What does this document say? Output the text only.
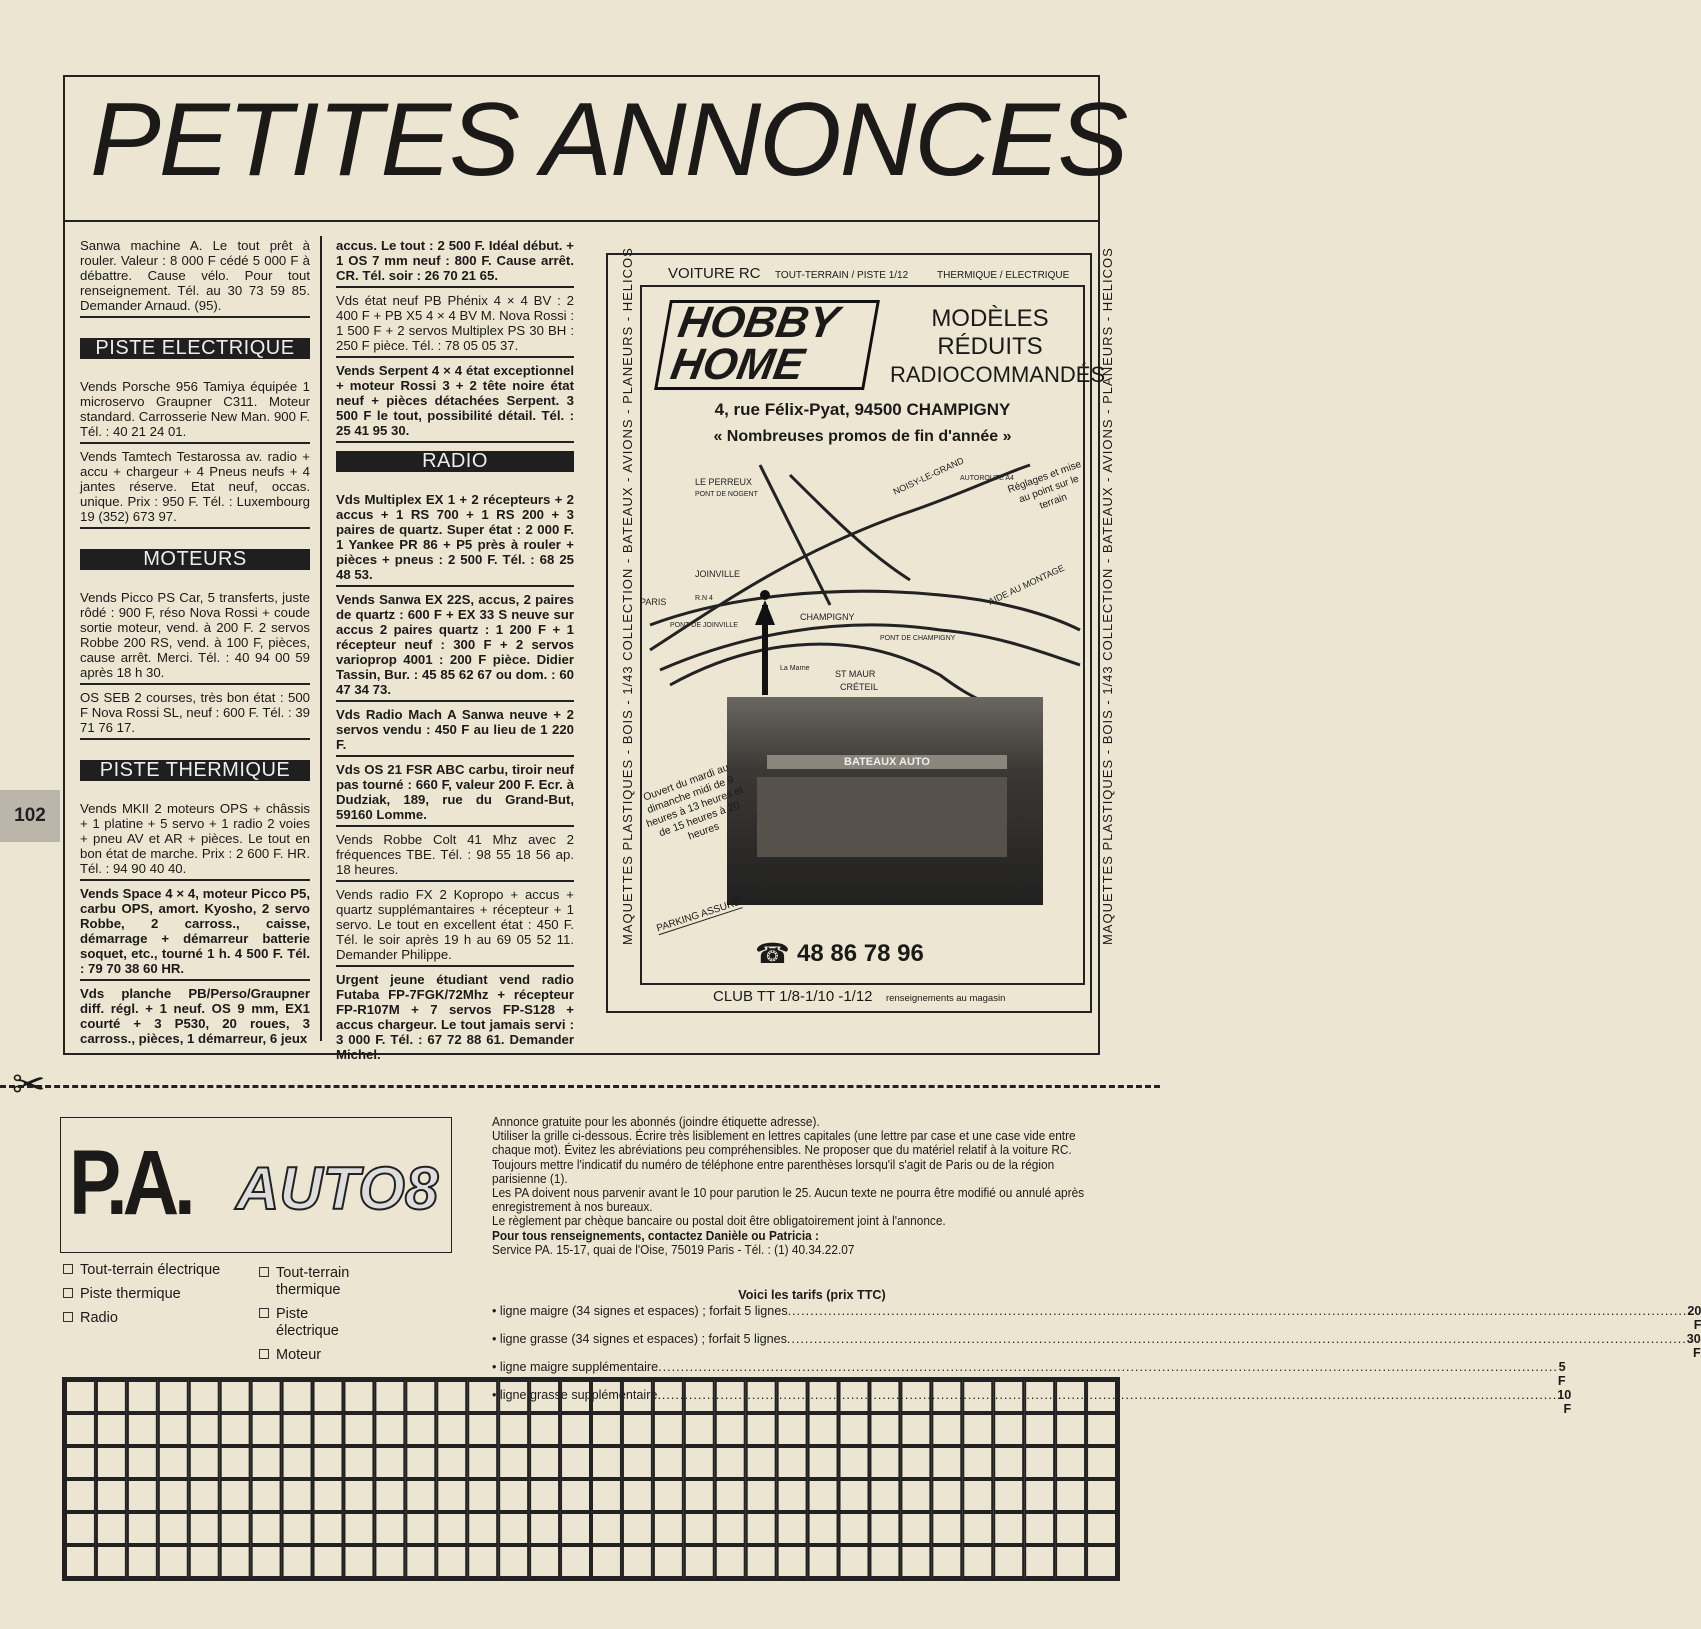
PETITES ANNONCES
102
Sanwa machine A. Le tout prêt à rouler. Valeur : 8 000 F cédé 5 000 F à débattre. Cause vélo. Pour tout renseignement. Tél. au 30 73 59 85. Demander Arnaud. (95).
PISTE ELECTRIQUE
Vends Porsche 956 Tamiya équipée 1 microservo Graupner C311. Moteur standard. Carrosserie New Man. 900 F. Tél. : 40 21 24 01.
Vends Tamtech Testarossa av. radio + accu + chargeur + 4 Pneus neufs + 4 jantes réserve. Etat neuf, occas. unique. Prix : 950 F. Tél. : Luxembourg 19 (352) 673 97.
MOTEURS
Vends Picco PS Car, 5 transferts, juste rôdé : 900 F, réso Nova Rossi + coude sortie moteur, vend. à 200 F. 2 servos Robbe 200 RS, vend. à 100 F, pièces, cause arrêt. Merci. Tél. : 40 94 00 59 après 18 h 30.
OS SEB 2 courses, très bon état : 500 F Nova Rossi SL, neuf : 600 F. Tél. : 39 71 76 17.
PISTE THERMIQUE
Vends MKII 2 moteurs OPS + châssis + 1 platine + 5 servo + 1 radio 2 voies + pneu AV et AR + pièces. Le tout en bon état de marche. Prix : 2 600 F. HR. Tél. : 94 90 40 40.
Vends Space 4 × 4, moteur Picco P5, carbu OPS, amort. Kyosho, 2 servo Robbe, 2 carross., caisse, démarrage + démarreur batterie soquet, etc., tourné 1 h. 4 500 F. Tél. : 79 70 38 60 HR.
Vds planche PB/Perso/Graupner diff. régl. + 1 neuf. OS 9 mm, EX1 courté + 3 P530, 20 roues, 3 carross., pièces, 1 démarreur, 6 jeux
accus. Le tout : 2 500 F. Idéal début. + 1 OS 7 mm neuf : 800 F. Cause arrêt. CR. Tél. soir : 26 70 21 65.
Vds état neuf PB Phénix 4 × 4 BV : 2 400 F + PB X5 4 × 4 BV M. Nova Rossi : 1 500 F + 2 servos Multiplex PS 30 BH : 250 F pièce. Tél. : 78 05 05 37.
Vends Serpent 4 × 4 état exceptionnel + moteur Rossi 3 + 2 tête noire état neuf + pièces détachées Serpent. 3 500 F le tout, possibilité détail. Tél. : 25 41 95 30.
RADIO
Vds Multiplex EX 1 + 2 récepteurs + 2 accus + 1 RS 700 + 1 RS 200 + 3 paires de quartz. Super état : 2 000 F. 1 Yankee PR 86 + P5 près à rouler + pièces + pneus : 2 500 F. Tél. : 68 25 48 53.
Vends Sanwa EX 22S, accus, 2 paires de quartz : 600 F + EX 33 S neuve sur accus 2 paires quartz : 1 200 F + 1 récepteur neuf : 300 F + 2 servos varioprop 4001 : 200 F pièce. Didier Tassin, Bur. : 45 85 62 67 ou dom. : 60 47 34 73.
Vds Radio Mach A Sanwa neuve + 2 servos vendu : 450 F au lieu de 1 220 F.
Vds OS 21 FSR ABC carbu, tiroir neuf pas tourné : 660 F, valeur 200 F. Ecr. à Dudziak, 189, rue du Grand-But, 59160 Lomme.
Vends Robbe Colt 41 Mhz avec 2 fréquences TBE. Tél. : 98 55 18 56 ap. 18 heures.
Vends radio FX 2 Kopropo + accus + quartz supplémantaires + récepteur + 1 servo. Le tout en excellent état : 450 F. Tél. le soir après 19 h au 69 05 52 11. Demander Philippe.
Urgent jeune étudiant vend radio Futaba FP-7FGK/72Mhz + récepteur FP-R107M + 7 servos FP-S128 + accus chargeur. Le tout jamais servi : 3 000 F. Tél. : 67 72 88 61. Demander Michel.
VOITURE RC TOUT-TERRAIN / PISTE 1/12	THERMIQUE / ELECTRIQUE
MAQUETTES PLASTIQUES - BOIS - 1/43 COLLECTION - BATEAUX - AVIONS - PLANEURS - HELICOS	MAQUETTES PLASTIQUES - BOIS - 1/43 COLLECTION - BATEAUX - AVIONS - PLANEURS - HELICOS
HOBBY
HOME
MODÈLES
RÉDUITS
RADIOCOMMANDÉS
4, rue Félix-Pyat, 94500 CHAMPIGNY
« Nombreuses promos de fin d'année »
LE PERREUX
PONT DE NOGENT	NOISY-LE-GRAND
AUTOROUTE A4
PARIS
JOINVILLE
PONT DE JOINVILLE
CHAMPIGNY
PONT DE CHAMPIGNY
ST MAUR
CRÉTEIL
R.N 4
La Marne
AIDE AU MONTAGE
Réglages et mise au point sur le terrain
BATEAUX AUTO
Ouvert du mardi au dimanche midi de 9 heures à 13 heures et de 15 heures à 20 heures
PARKING ASSURÉ
☎ 48 86 78 96
CLUB TT 1/8-1/10 -1/12 renseignements au magasin
✂
P.A. AUTO8
Tout-terrain électrique
Piste thermique
Radio
Tout-terrain thermique
Piste électrique
Moteur
Annonce gratuite pour les abonnés (joindre étiquette adresse).
Utiliser la grille ci-dessous. Écrire très lisiblement en lettres capitales (une lettre par case et une case vide entre chaque mot). Évitez les abréviations peu compréhensibles. Ne proposer que du matériel relatif à la voiture RC. Toujours mettre l'indicatif du numéro de téléphone entre parenthèses lorsqu'il s'agit de Paris ou de la région parisienne (1).
Les PA doivent nous parvenir avant le 10 pour parution le 25. Aucun texte ne pourra être modifié ou annulé après enregistrement à nos bureaux.
Le règlement par chèque bancaire ou postal doit être obligatoirement joint à l'annonce.
Pour tous renseignements, contactez Danièle ou Patricia :
Service PA. 15-17, quai de l'Oise, 75019 Paris - Tél. : (1) 40.34.22.07
Voici les tarifs (prix TTC)
• ligne maigre (34 signes et espaces) ; forfait 5 lignes ........................................................................................................................................................................................................ 20 F
• ligne grasse (34 signes et espaces) ; forfait 5 lignes ........................................................................................................................................................................................................ 30 F
• ligne maigre supplémentaire ........................................................................................................................................................................................................ 5 F
• ligne grasse supplémentaire ........................................................................................................................................................................................................ 10 F
